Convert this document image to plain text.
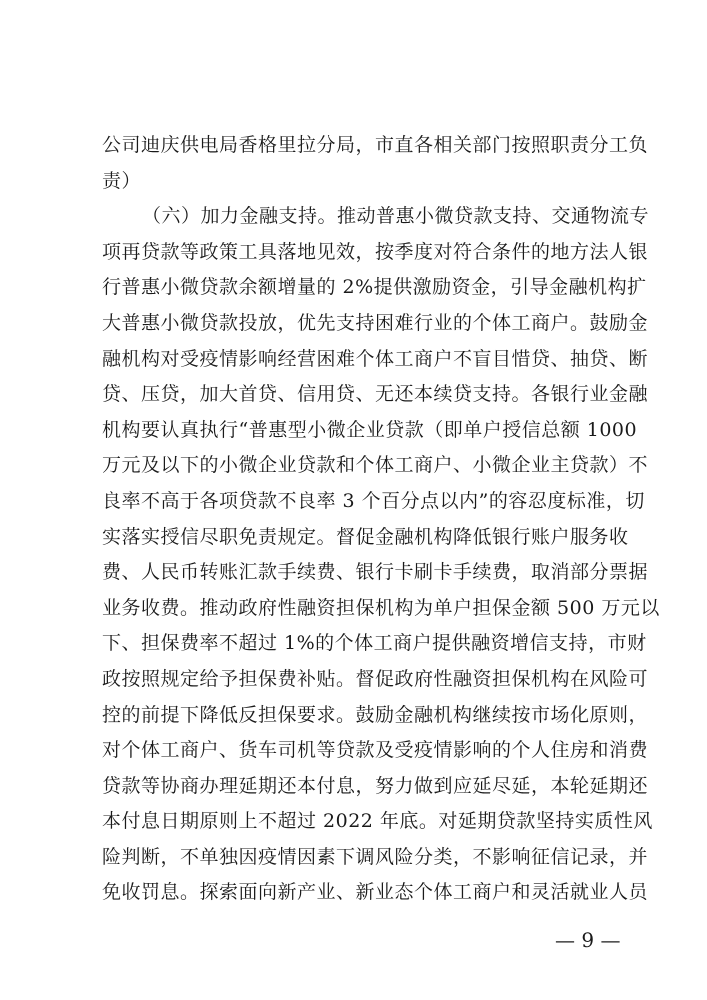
公司迪庆供电局香格里拉分局，市直各相关部门按照职责分工负
责）
（六）加力金融支持。推动普惠小微贷款支持、交通物流专
项再贷款等政策工具落地见效，按季度对符合条件的地方法人银
行普惠小微贷款余额增量的 2%提供激励资金，引导金融机构扩
大普惠小微贷款投放，优先支持困难行业的个体工商户。鼓励金
融机构对受疫情影响经营困难个体工商户不盲目惜贷、抽贷、断
贷、压贷，加大首贷、信用贷、无还本续贷支持。各银行业金融
机构要认真执行“普惠型小微企业贷款（即单户授信总额 1000
万元及以下的小微企业贷款和个体工商户、小微企业主贷款）不
良率不高于各项贷款不良率 3 个百分点以内”的容忍度标准，切
实落实授信尽职免责规定。督促金融机构降低银行账户服务收
费、人民币转账汇款手续费、银行卡刷卡手续费，取消部分票据
业务收费。推动政府性融资担保机构为单户担保金额 500 万元以
下、担保费率不超过 1%的个体工商户提供融资增信支持，市财
政按照规定给予担保费补贴。督促政府性融资担保机构在风险可
控的前提下降低反担保要求。鼓励金融机构继续按市场化原则，
对个体工商户、货车司机等贷款及受疫情影响的个人住房和消费
贷款等协商办理延期还本付息，努力做到应延尽延，本轮延期还
本付息日期原则上不超过 2022 年底。对延期贷款坚持实质性风
险判断，不单独因疫情因素下调风险分类，不影响征信记录，并
免收罚息。探索面向新产业、新业态个体工商户和灵活就业人员
— 9 —
